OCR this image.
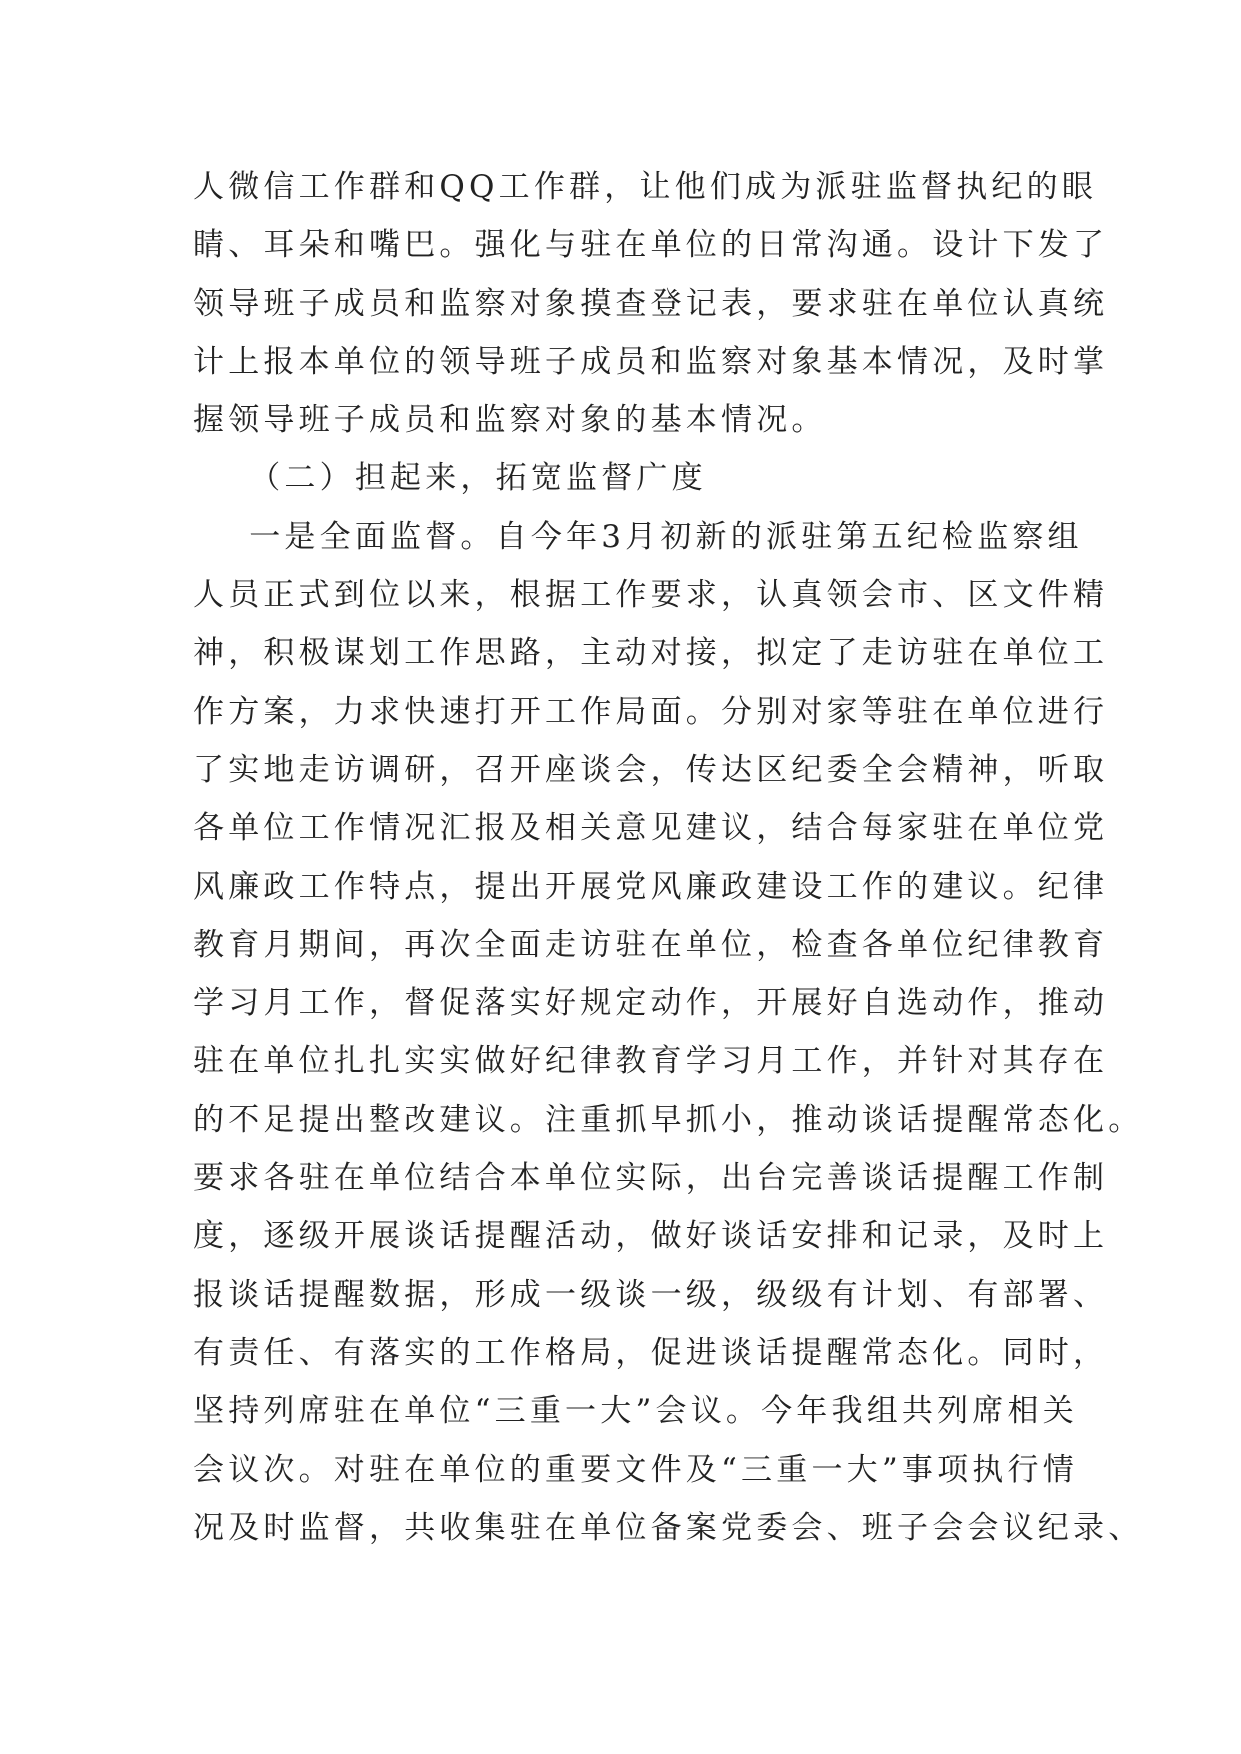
人微信工作群和QQ工作群，让他们成为派驻监督执纪的眼
睛、耳朵和嘴巴。强化与驻在单位的日常沟通。设计下发了
领导班子成员和监察对象摸查登记表，要求驻在单位认真统
计上报本单位的领导班子成员和监察对象基本情况，及时掌
握领导班子成员和监察对象的基本情况。
（二）担起来，拓宽监督广度
一是全面监督。自今年3月初新的派驻第五纪检监察组
人员正式到位以来，根据工作要求，认真领会市、区文件精
神，积极谋划工作思路，主动对接，拟定了走访驻在单位工
作方案，力求快速打开工作局面。分别对家等驻在单位进行
了实地走访调研，召开座谈会，传达区纪委全会精神，听取
各单位工作情况汇报及相关意见建议，结合每家驻在单位党
风廉政工作特点，提出开展党风廉政建设工作的建议。纪律
教育月期间，再次全面走访驻在单位，检查各单位纪律教育
学习月工作，督促落实好规定动作，开展好自选动作，推动
驻在单位扎扎实实做好纪律教育学习月工作，并针对其存在
的不足提出整改建议。注重抓早抓小，推动谈话提醒常态化。
要求各驻在单位结合本单位实际，出台完善谈话提醒工作制
度，逐级开展谈话提醒活动，做好谈话安排和记录，及时上
报谈话提醒数据，形成一级谈一级，级级有计划、有部署、
有责任、有落实的工作格局，促进谈话提醒常态化。同时，
坚持列席驻在单位“三重一大”会议。今年我组共列席相关
会议次。对驻在单位的重要文件及“三重一大”事项执行情
况及时监督，共收集驻在单位备案党委会、班子会会议纪录、
